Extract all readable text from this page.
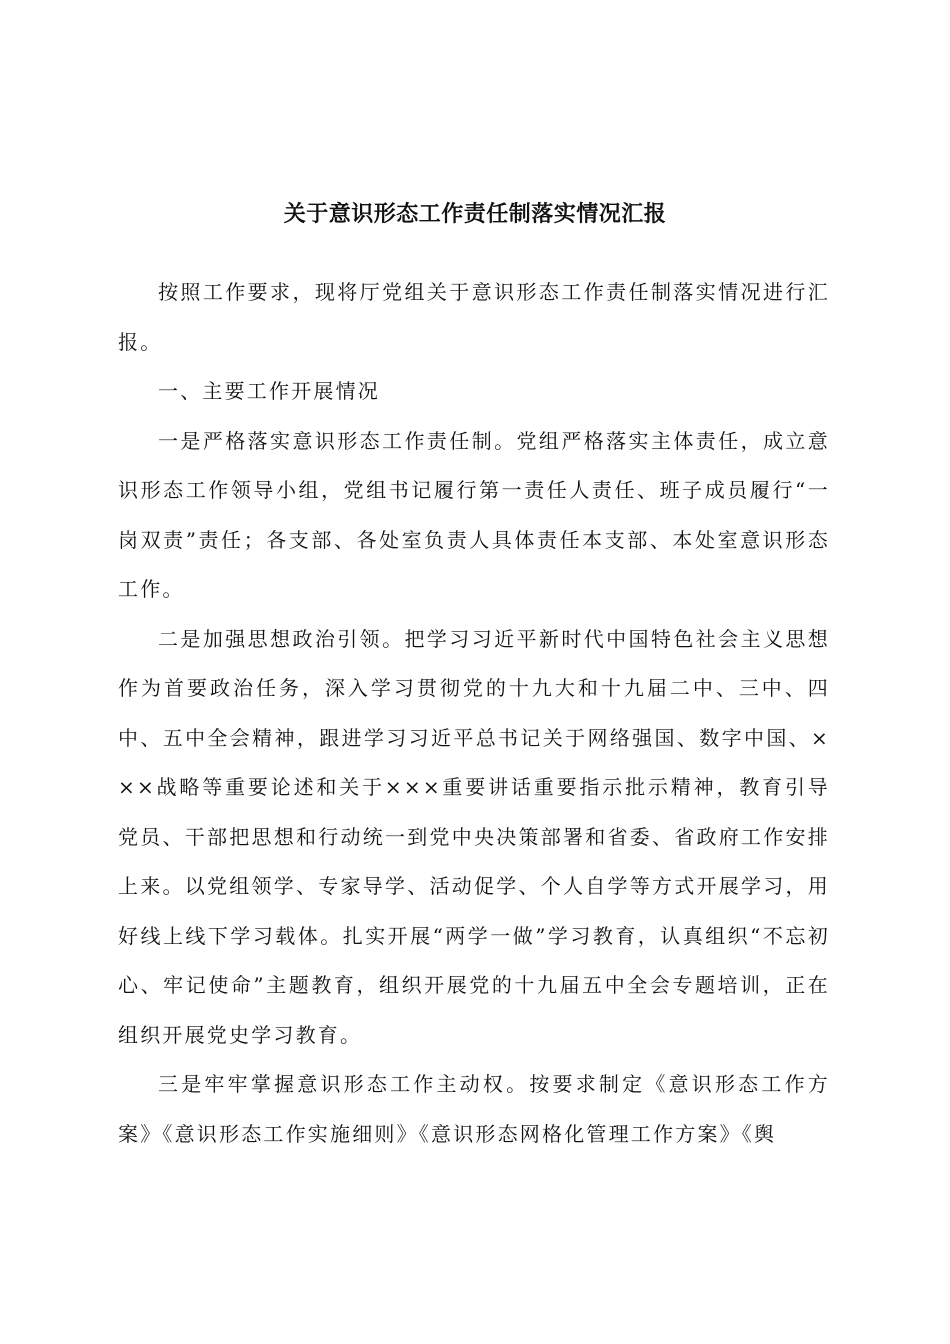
关于意识形态工作责任制落实情况汇报

按照工作要求，现将厅党组关于意识形态工作责任制落实情况进行汇报。

一、主要工作开展情况

一是严格落实意识形态工作责任制。党组严格落实主体责任，成立意识形态工作领导小组，党组书记履行第一责任人责任、班子成员履行“一岗双责”责任；各支部、各处室负责人具体责任本支部、本处室意识形态工作。

二是加强思想政治引领。把学习习近平新时代中国特色社会主义思想作为首要政治任务，深入学习贯彻党的十九大和十九届二中、三中、四中、五中全会精神，跟进学习习近平总书记关于网络强国、数字中国、×××战略等重要论述和关于×××重要讲话重要指示批示精神，教育引导党员、干部把思想和行动统一到党中央决策部署和省委、省政府工作安排上来。以党组领学、专家导学、活动促学、个人自学等方式开展学习，用好线上线下学习载体。扎实开展“两学一做”学习教育，认真组织“不忘初心、牢记使命”主题教育，组织开展党的十九届五中全会专题培训，正在组织开展党史学习教育。

三是牢牢掌握意识形态工作主动权。按要求制定《意识形态工作方案》《意识形态工作实施细则》《意识形态网格化管理工作方案》《舆
